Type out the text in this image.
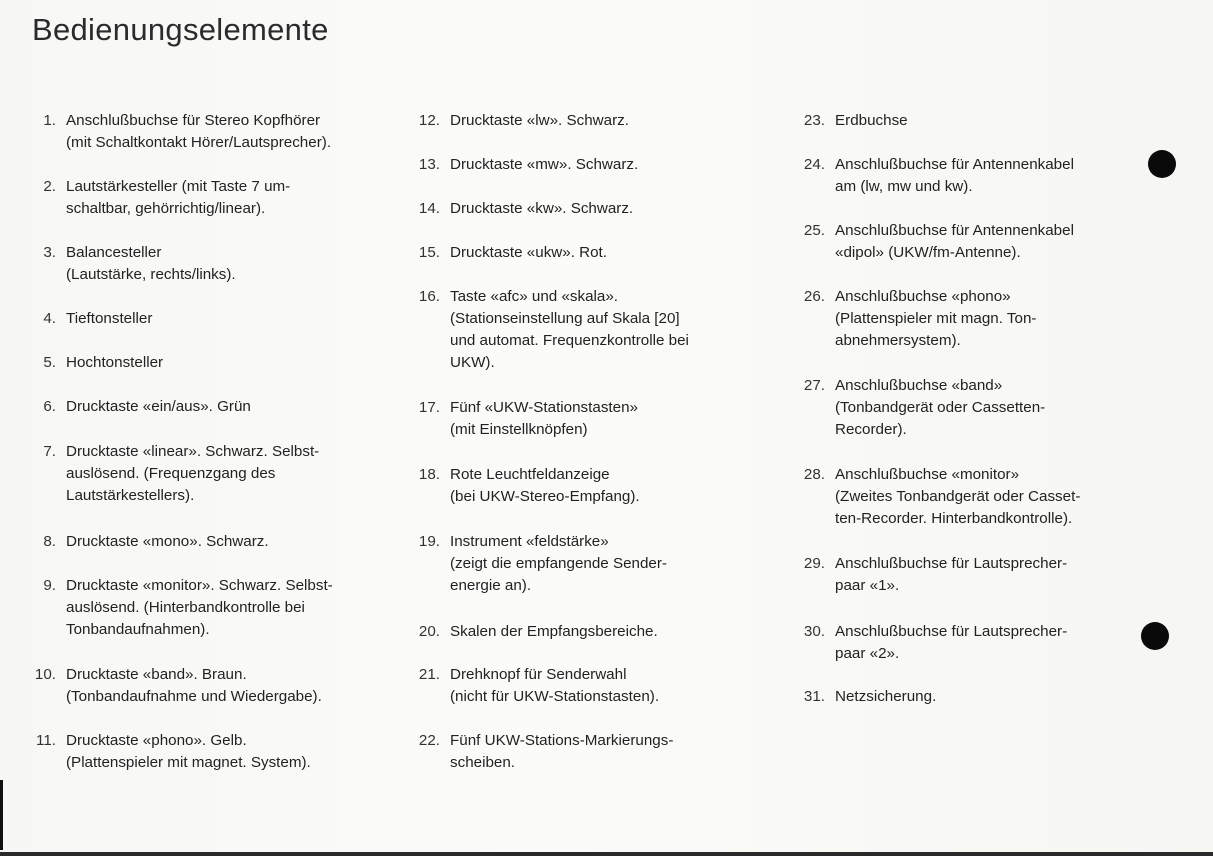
Bedienungselemente
1. Anschlußbuchse für Stereo Kopfhörer
(mit Schaltkontakt Hörer/Lautsprecher).
2. Lautstärkesteller (mit Taste 7 um-
schaltbar, gehörrichtig/linear).
3. Balancesteller
(Lautstärke, rechts/links).
4. Tieftonsteller
5. Hochtonsteller
6. Drucktaste «ein/aus». Grün
7. Drucktaste «linear». Schwarz. Selbst-
auslösend. (Frequenzgang des
Lautstärkestellers).
8. Drucktaste «mono». Schwarz.
9. Drucktaste «monitor». Schwarz. Selbst-
auslösend. (Hinterbandkontrolle bei
Tonbandaufnahmen).
10. Drucktaste «band». Braun.
(Tonbandaufnahme und Wiedergabe).
11. Drucktaste «phono». Gelb.
(Plattenspieler mit magnet. System).
12. Drucktaste «lw». Schwarz.
13. Drucktaste «mw». Schwarz.
14. Drucktaste «kw». Schwarz.
15. Drucktaste «ukw». Rot.
16. Taste «afc» und «skala».
(Stationseinstellung auf Skala [20]
und automat. Frequenzkontrolle bei
UKW).
17. Fünf «UKW-Stationstasten»
(mit Einstellknöpfen)
18. Rote Leuchtfeldanzeige
(bei UKW-Stereo-Empfang).
19. Instrument «feldstärke»
(zeigt die empfangende Sender-
energie an).
20. Skalen der Empfangsbereiche.
21. Drehknopf für Senderwahl
(nicht für UKW-Stationstasten).
22. Fünf UKW-Stations-Markierungs-
scheiben.
23. Erdbuchse
24. Anschlußbuchse für Antennenkabel
am (lw, mw und kw).
25. Anschlußbuchse für Antennenkabel
«dipol» (UKW/fm-Antenne).
26. Anschlußbuchse «phono»
(Plattenspieler mit magn. Ton-
abnehmersystem).
27. Anschlußbuchse «band»
(Tonbandgerät oder Cassetten-
Recorder).
28. Anschlußbuchse «monitor»
(Zweites Tonbandgerät oder Casset-
ten-Recorder. Hinterbandkontrolle).
29. Anschlußbuchse für Lautsprecher-
paar «1».
30. Anschlußbuchse für Lautsprecher-
paar «2».
31. Netzsicherung.
